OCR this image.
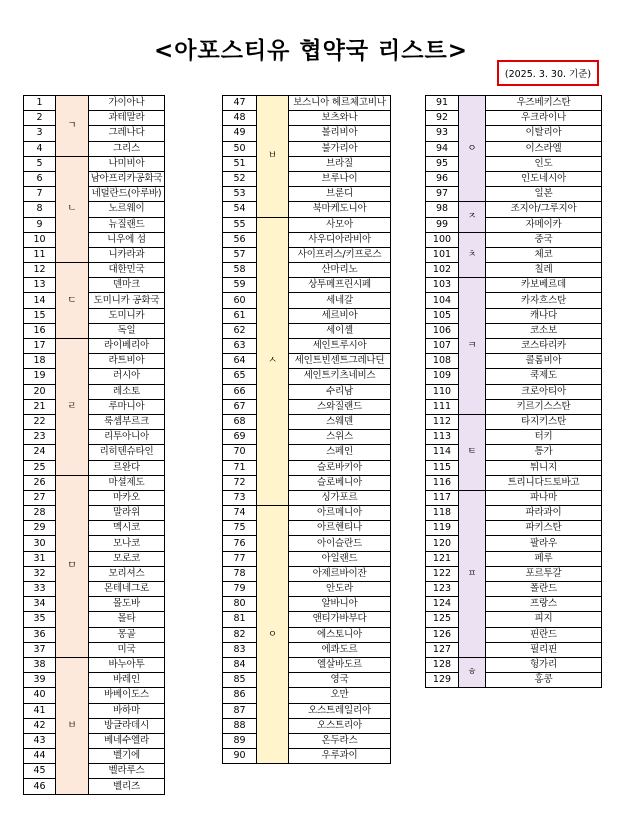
<아포스티유 협약국 리스트>
(2025. 3. 30. 기준)
1	ㄱ	가이아나
2		과테말라
3		그레나다
4		그리스
5	ㄴ	나미비아
6		남아프리카공화국
7		네덜란드(아루바)
8		노르웨이
9		뉴질랜드
10		니우에 섬
11		니카라과
12	ㄷ	대한민국
13		덴마크
14		도미니카 공화국
15		도미니카
16		독일
17	ㄹ	라이베리아
18		라트비아
19		러시아
20		레소토
21		루마니아
22		룩셈부르크
23		리투아니아
24		리히텐슈타인
25		르완다
26	ㅁ	마셜제도
27		마카오
28		말라위
29		멕시코
30		모나코
31		모로코
32		모리셔스
33		몬테네그로
34		몰도바
35		몰타
36		몽골
37		미국
38	ㅂ	바누아투
39		바레인
40		바베이도스
41		바하마
42		방글라데시
43		베네수엘라
44		벨기에
45		벨라루스
46		벨리즈
47	ㅂ	보스니아 헤르체고비나
48		보츠와나
49		볼리비아
50		불가리아
51		브라질
52		브루나이
53		브룬디
54		북마케도니아
55	ㅅ	사모아
56		사우디아라비아
57		사이프러스/키프로스
58		산마리노
59		상투메프린시페
60		세네갈
61		세르비아
62		세이셸
63		세인트루시아
64		세인트빈센트그레나딘
65		세인트키츠네비스
66		수리남
67		스와질랜드
68		스웨덴
69		스위스
70		스페인
71		슬로바키아
72		슬로베니아
73		싱가포르
74	ㅇ	아르메니아
75		아르헨티나
76		아이슬란드
77		아일랜드
78		아제르바이잔
79		안도라
80		알바니아
81		앤티가바부다
82		에스토니아
83		에콰도르
84		엘살바도르
85		영국
86		오만
87		오스트레일리아
88		오스트리아
89		온두라스
90		우루과이
91	ㅇ	우즈베키스탄
92		우크라이나
93		이탈리아
94		이스라엘
95		인도
96		인도네시아
97		일본
98	ㅈ	조지아/그루지아
99		자메이카
100	ㅊ	중국
101		체코
102		칠레
103	ㅋ	카보베르데
104		카자흐스탄
105		캐나다
106		코소보
107		코스타리카
108		콜롬비아
109		쿡제도
110		크로아티아
111		키르기스스탄
112	ㅌ	타지키스탄
113		터키
114		통가
115		튀니지
116		트리니다드토바고
117	ㅍ	파나마
118		파라과이
119		파키스탄
120		팔라우
121		페루
122		포르투갈
123		폴란드
124		프랑스
125		피지
126		핀란드
127		필리핀
128	ㅎ	헝가리
129		홍콩
